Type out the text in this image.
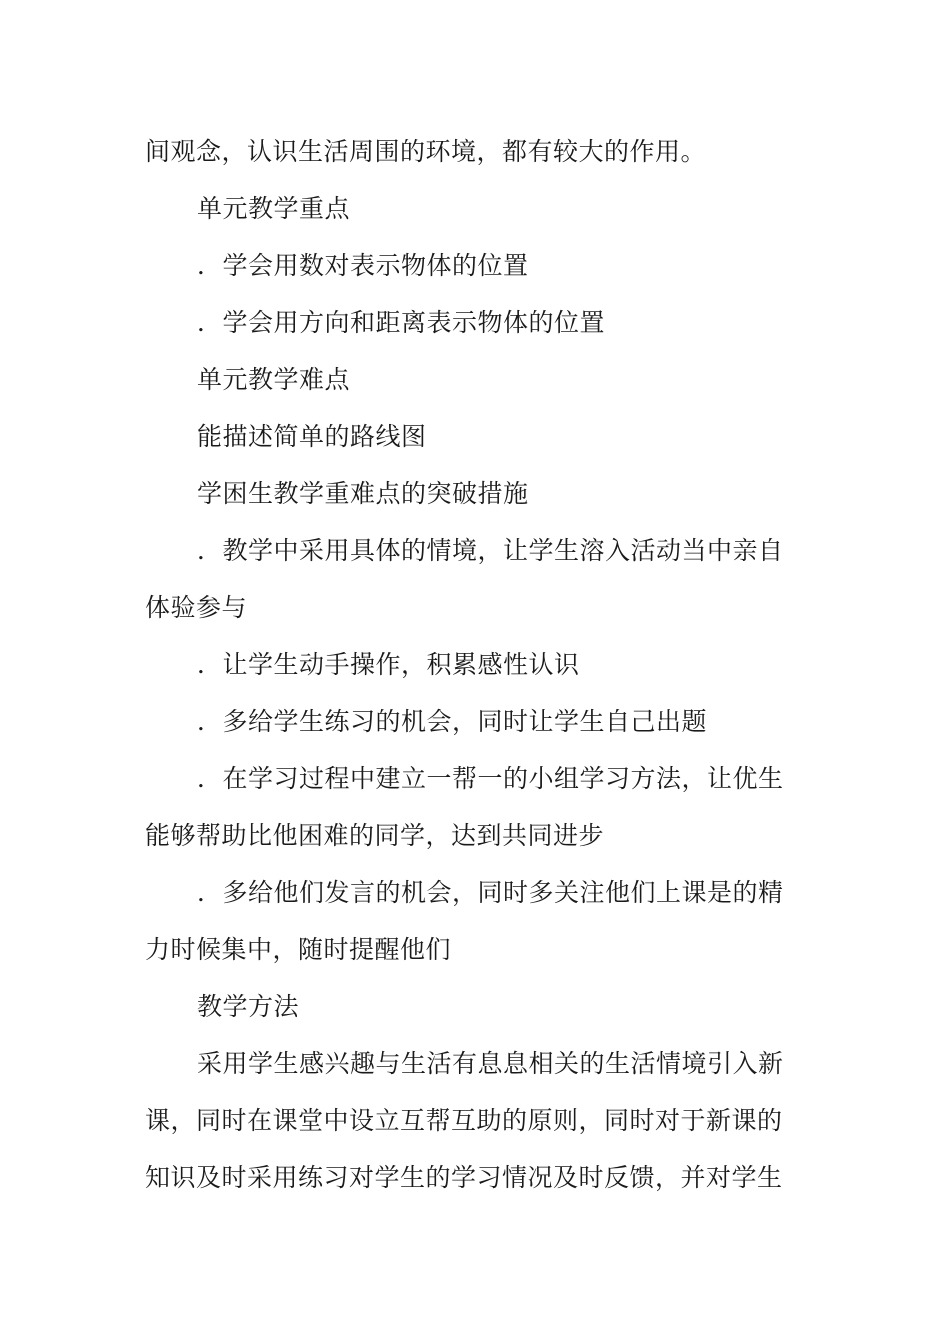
间观念，认识生活周围的环境，都有较大的作用。
单元教学重点
．学会用数对表示物体的位置
．学会用方向和距离表示物体的位置
单元教学难点
能描述简单的路线图
学困生教学重难点的突破措施
．教学中采用具体的情境，让学生溶入活动当中亲自
体验参与
．让学生动手操作，积累感性认识
．多给学生练习的机会，同时让学生自己出题
．在学习过程中建立一帮一的小组学习方法，让优生
能够帮助比他困难的同学，达到共同进步
．多给他们发言的机会，同时多关注他们上课是的精
力时候集中，随时提醒他们
教学方法
采用学生感兴趣与生活有息息相关的生活情境引入新
课，同时在课堂中设立互帮互助的原则，同时对于新课的
知识及时采用练习对学生的学习情况及时反馈，并对学生
